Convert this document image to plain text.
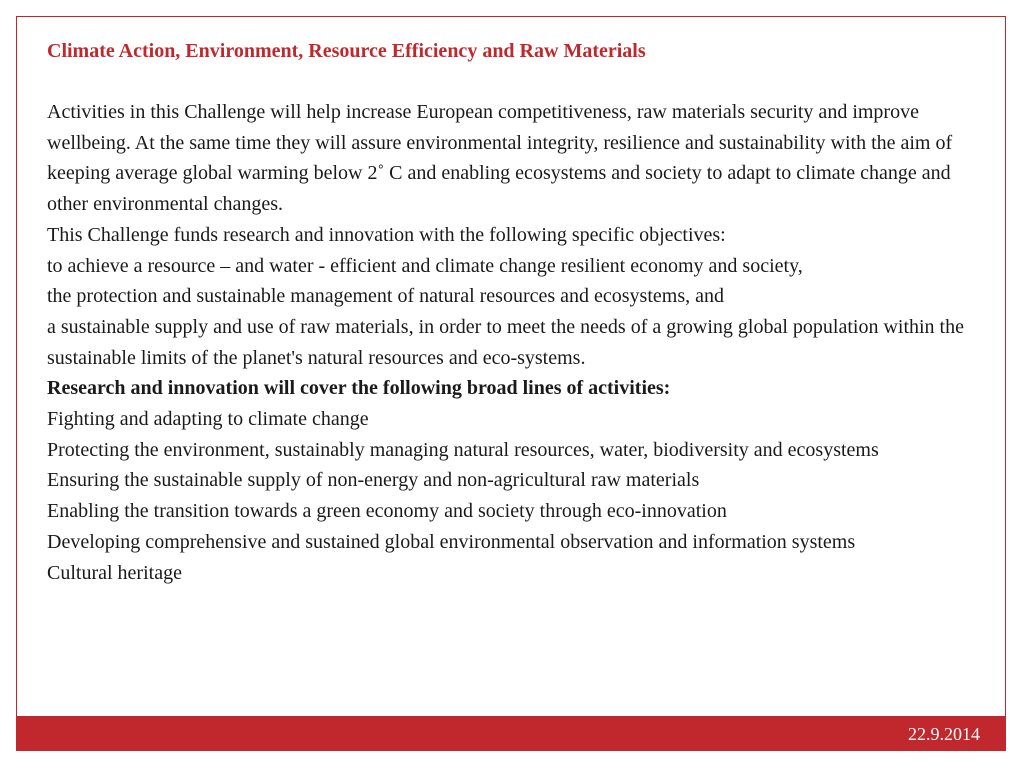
Climate Action, Environment, Resource Efficiency and Raw Materials

Activities in this Challenge will help increase European competitiveness, raw materials security and improve wellbeing. At the same time they will assure environmental integrity, resilience and sustainability with the aim of keeping average global warming below 2˚ C and enabling ecosystems and society to adapt to climate change and other environmental changes.

This Challenge funds research and innovation with the following specific objectives:

to achieve a resource – and water - efficient and climate change resilient economy and society,

the protection and sustainable management of natural resources and ecosystems, and

a sustainable supply and use of raw materials, in order to meet the needs of a growing global population within the sustainable limits of the planet's natural resources and eco-systems.

Research and innovation will cover the following broad lines of activities:

Fighting and adapting to climate change

Protecting the environment, sustainably managing natural resources, water, biodiversity and ecosystems

Ensuring the sustainable supply of non-energy and non-agricultural raw materials

Enabling the transition towards a green economy and society through eco-innovation

Developing comprehensive and sustained global environmental observation and information systems

Cultural heritage

22.9.2014
